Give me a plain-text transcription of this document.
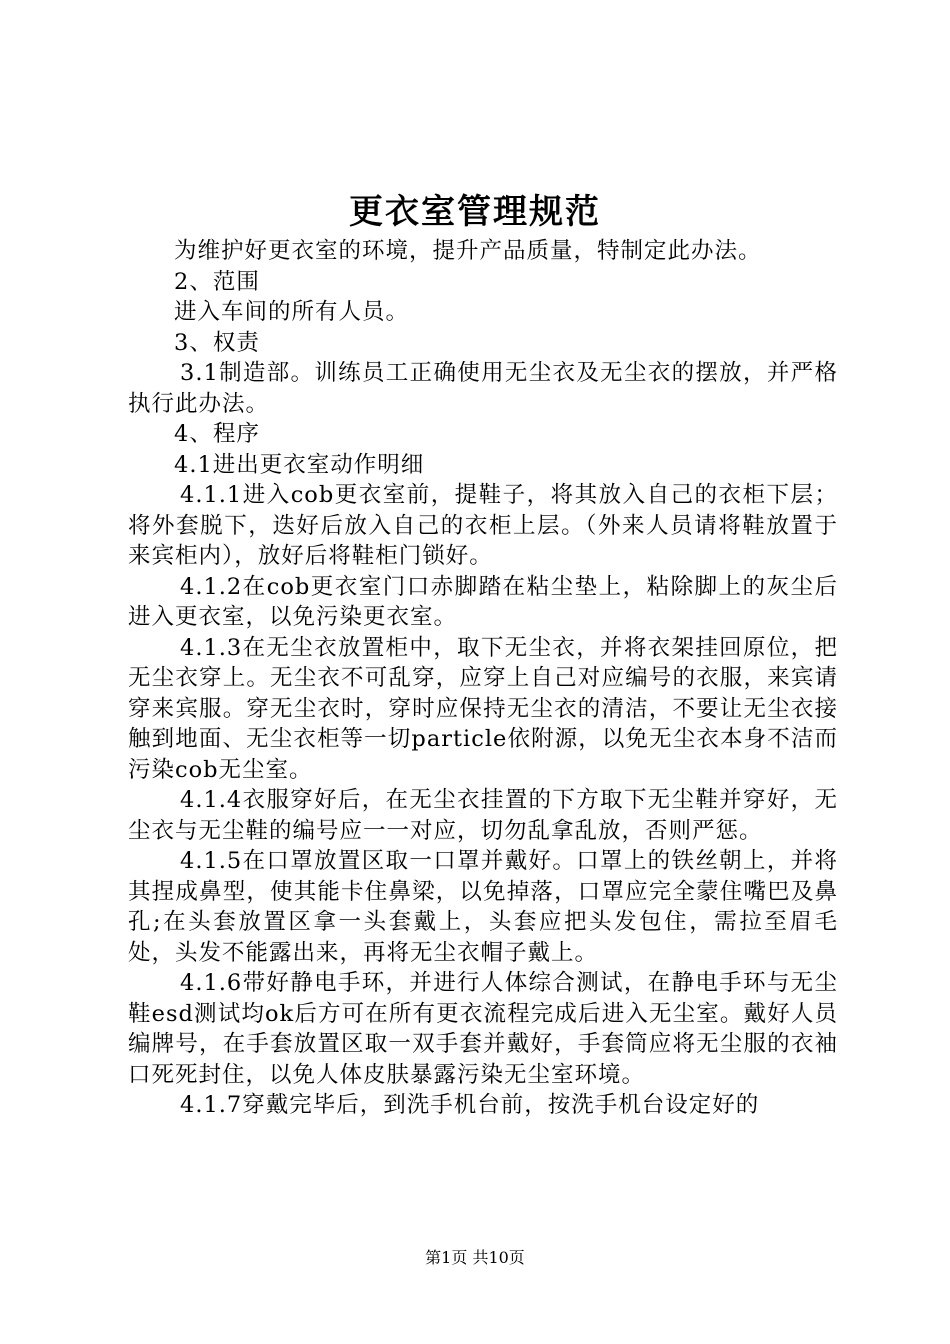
更衣室管理规范

为维护好更衣室的环境，提升产品质量，特制定此办法。

2、范围

进入车间的所有人员。

3、权责

3.1制造部。训练员工正确使用无尘衣及无尘衣的摆放，并严格执行此办法。

4、程序

4.1进出更衣室动作明细

4.1.1进入cob更衣室前，提鞋子，将其放入自己的衣柜下层；将外套脱下，迭好后放入自己的衣柜上层。（外来人员请将鞋放置于来宾柜内），放好后将鞋柜门锁好。

4.1.2在cob更衣室门口赤脚踏在粘尘垫上，粘除脚上的灰尘后进入更衣室，以免污染更衣室。

4.1.3在无尘衣放置柜中，取下无尘衣，并将衣架挂回原位，把无尘衣穿上。无尘衣不可乱穿，应穿上自己对应编号的衣服，来宾请穿来宾服。穿无尘衣时，穿时应保持无尘衣的清洁，不要让无尘衣接触到地面、无尘衣柜等一切particle依附源，以免无尘衣本身不洁而污染cob无尘室。

4.1.4衣服穿好后，在无尘衣挂置的下方取下无尘鞋并穿好，无尘衣与无尘鞋的编号应一一对应，切勿乱拿乱放，否则严惩。

4.1.5在口罩放置区取一口罩并戴好。口罩上的铁丝朝上，并将其捏成鼻型，使其能卡住鼻梁，以免掉落，口罩应完全蒙住嘴巴及鼻孔;在头套放置区拿一头套戴上，头套应把头发包住，需拉至眉毛处，头发不能露出来，再将无尘衣帽子戴上。

4.1.6带好静电手环，并进行人体综合测试，在静电手环与无尘鞋esd测试均ok后方可在所有更衣流程完成后进入无尘室。戴好人员编牌号，在手套放置区取一双手套并戴好，手套筒应将无尘服的衣袖口死死封住，以免人体皮肤暴露污染无尘室环境。

4.1.7穿戴完毕后，到洗手机台前，按洗手机台设定好的

第1页 共10页
